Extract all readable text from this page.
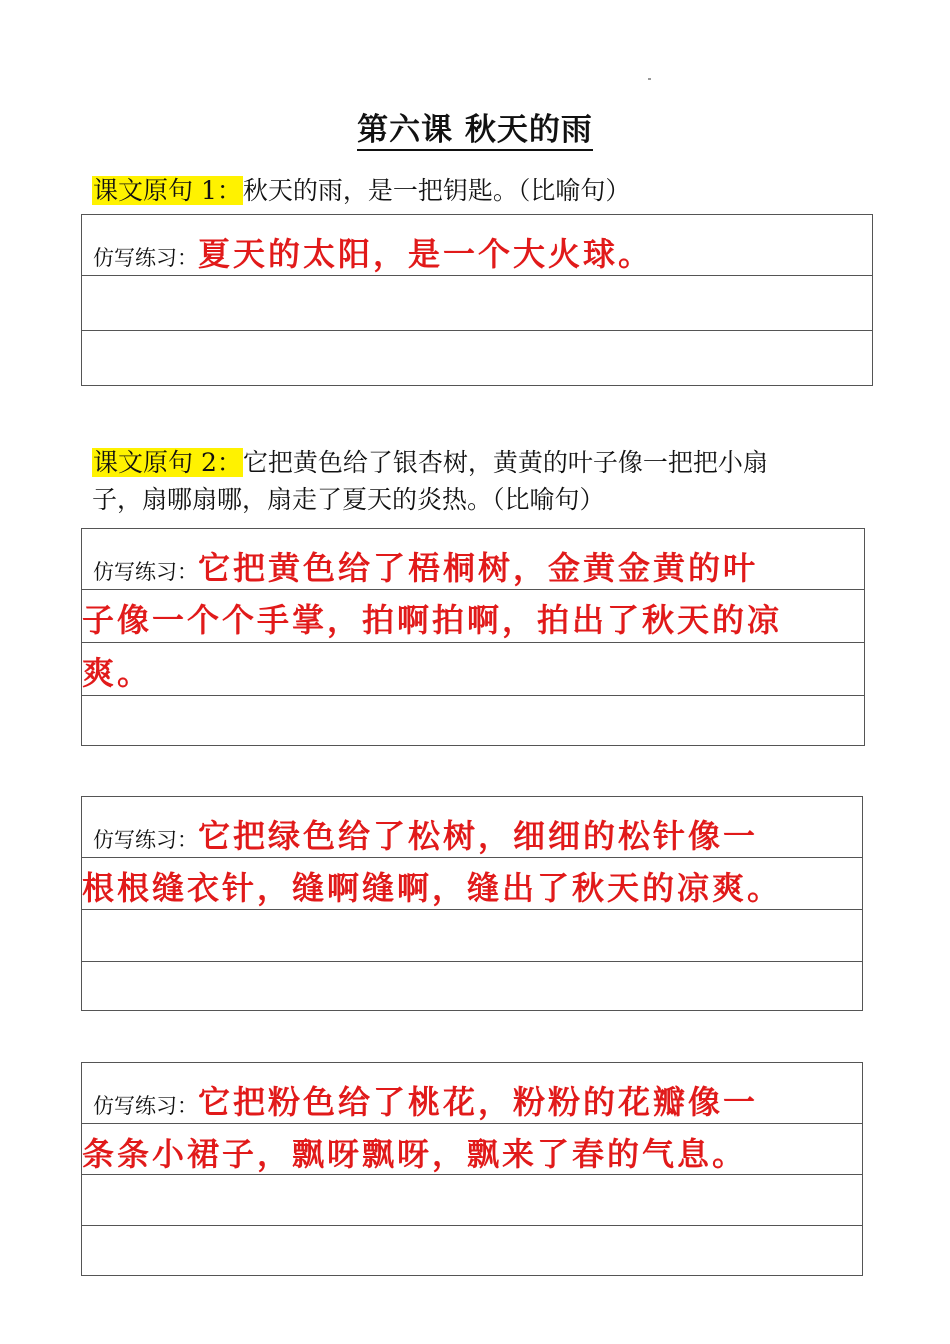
第六课 秋天的雨
课文原句 1：秋天的雨，是一把钥匙。（比喻句）
仿写练习：夏天的太阳，是一个大火球。
课文原句 2：它把黄色给了银杏树，黄黄的叶子像一把把小扇
子，扇哪扇哪，扇走了夏天的炎热。（比喻句）
仿写练习：它把黄色给了梧桐树，金黄金黄的叶
子像一个个手掌，拍啊拍啊，拍出了秋天的凉
爽。
仿写练习：它把绿色给了松树，细细的松针像一
根根缝衣针，缝啊缝啊，缝出了秋天的凉爽。
仿写练习：它把粉色给了桃花，粉粉的花瓣像一
条条小裙子，飘呀飘呀，飘来了春的气息。
